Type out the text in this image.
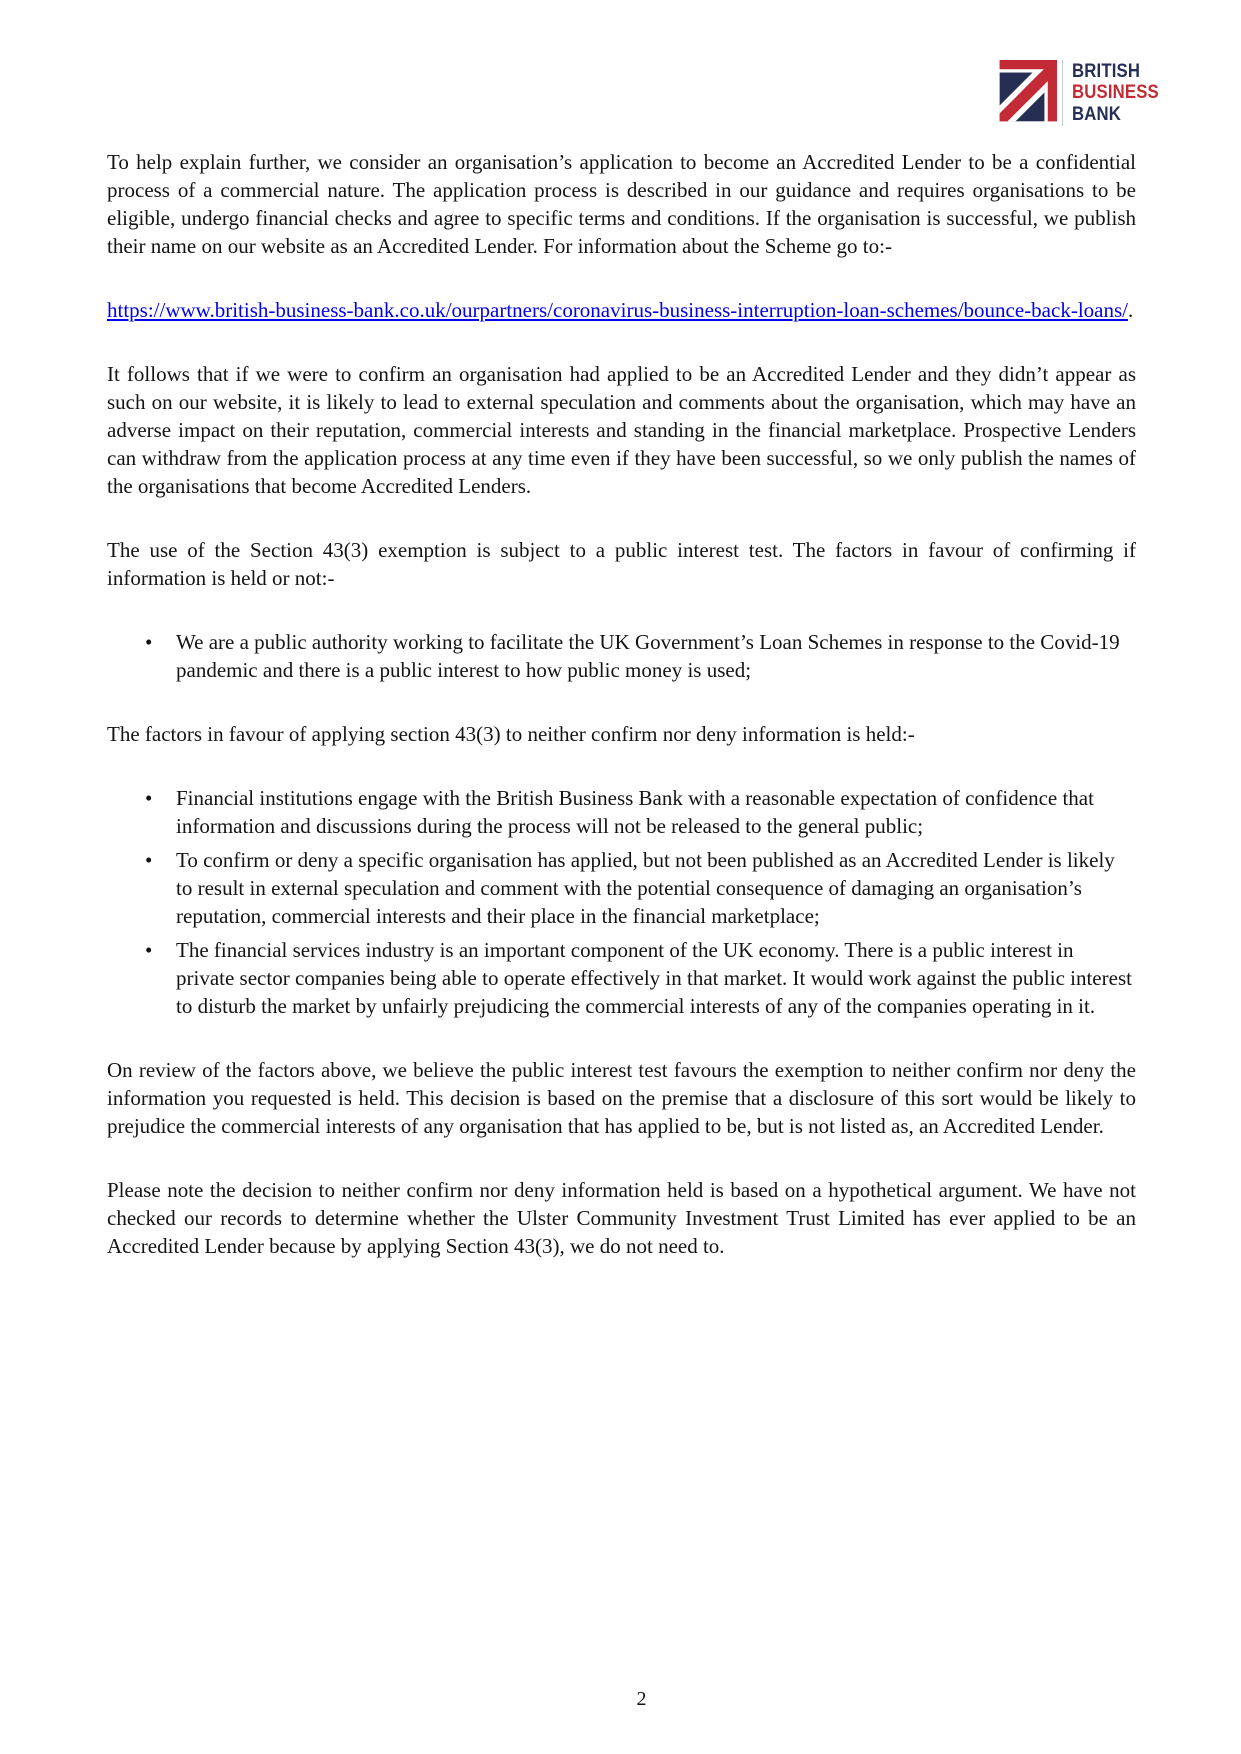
BRITISH
BUSINESS
BANK

To help explain further, we consider an organisation’s application to become an Accredited Lender to be a confidential process of a commercial nature. The application process is described in our guidance and requires organisations to be eligible, undergo financial checks and agree to specific terms and conditions. If the organisation is successful, we publish their name on our website as an Accredited Lender. For information about the Scheme go to:-

https://www.british-business-bank.co.uk/ourpartners/coronavirus-business-interruption-loan-schemes/bounce-back-loans/.

It follows that if we were to confirm an organisation had applied to be an Accredited Lender and they didn’t appear as such on our website, it is likely to lead to external speculation and comments about the organisation, which may have an adverse impact on their reputation, commercial interests and standing in the financial marketplace. Prospective Lenders can withdraw from the application process at any time even if they have been successful, so we only publish the names of the organisations that become Accredited Lenders.

The use of the Section 43(3) exemption is subject to a public interest test. The factors in favour of confirming if information is held or not:-

• We are a public authority working to facilitate the UK Government’s Loan Schemes in response to the Covid-19 pandemic and there is a public interest to how public money is used;

The factors in favour of applying section 43(3) to neither confirm nor deny information is held:-

• Financial institutions engage with the British Business Bank with a reasonable expectation of confidence that information and discussions during the process will not be released to the general public;
• To confirm or deny a specific organisation has applied, but not been published as an Accredited Lender is likely to result in external speculation and comment with the potential consequence of damaging an organisation’s reputation, commercial interests and their place in the financial marketplace;
• The financial services industry is an important component of the UK economy. There is a public interest in private sector companies being able to operate effectively in that market. It would work against the public interest to disturb the market by unfairly prejudicing the commercial interests of any of the companies operating in it.

On review of the factors above, we believe the public interest test favours the exemption to neither confirm nor deny the information you requested is held. This decision is based on the premise that a disclosure of this sort would be likely to prejudice the commercial interests of any organisation that has applied to be, but is not listed as, an Accredited Lender.

Please note the decision to neither confirm nor deny information held is based on a hypothetical argument. We have not checked our records to determine whether the Ulster Community Investment Trust Limited has ever applied to be an Accredited Lender because by applying Section 43(3), we do not need to.

2
